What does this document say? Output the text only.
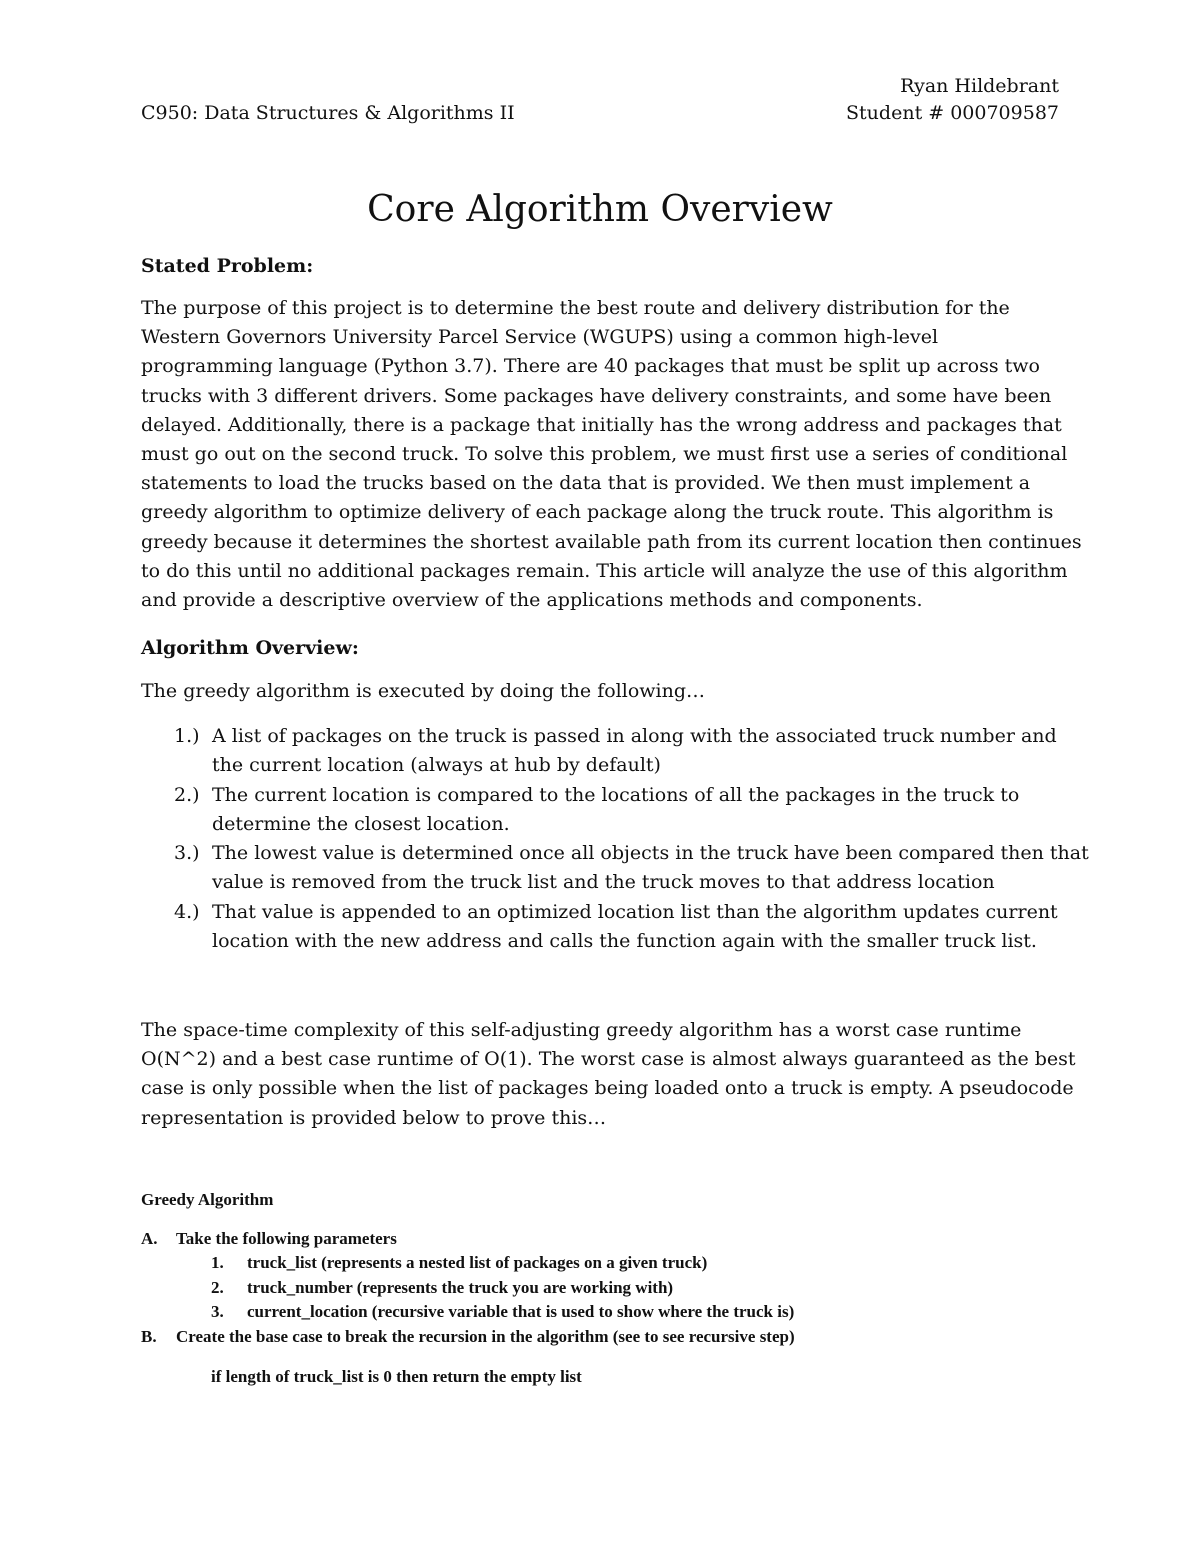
Ryan Hildebrant
C950: Data Structures & Algorithms II	Student # 000709587
Core Algorithm Overview
Stated Problem:
The purpose of this project is to determine the best route and delivery distribution for the
Western Governors University Parcel Service (WGUPS) using a common high-level
programming language (Python 3.7). There are 40 packages that must be split up across two
trucks with 3 different drivers. Some packages have delivery constraints, and some have been
delayed. Additionally, there is a package that initially has the wrong address and packages that
must go out on the second truck. To solve this problem, we must first use a series of conditional
statements to load the trucks based on the data that is provided. We then must implement a
greedy algorithm to optimize delivery of each package along the truck route. This algorithm is
greedy because it determines the shortest available path from its current location then continues
to do this until no additional packages remain. This article will analyze the use of this algorithm
and provide a descriptive overview of the applications methods and components.
Algorithm Overview:
The greedy algorithm is executed by doing the following…
1.) A list of packages on the truck is passed in along with the associated truck number and
the current location (always at hub by default)
2.) The current location is compared to the locations of all the packages in the truck to
determine the closest location.
3.) The lowest value is determined once all objects in the truck have been compared then that
value is removed from the truck list and the truck moves to that address location
4.) That value is appended to an optimized location list than the algorithm updates current
location with the new address and calls the function again with the smaller truck list.
The space-time complexity of this self-adjusting greedy algorithm has a worst case runtime
O(N^2) and a best case runtime of O(1). The worst case is almost always guaranteed as the best
case is only possible when the list of packages being loaded onto a truck is empty. A pseudocode
representation is provided below to prove this…
Greedy Algorithm
A. Take the following parameters
1. truck_list (represents a nested list of packages on a given truck)
2. truck_number (represents the truck you are working with)
3. current_location (recursive variable that is used to show where the truck is)
B. Create the base case to break the recursion in the algorithm (see to see recursive step)
if length of truck_list is 0 then return the empty list
